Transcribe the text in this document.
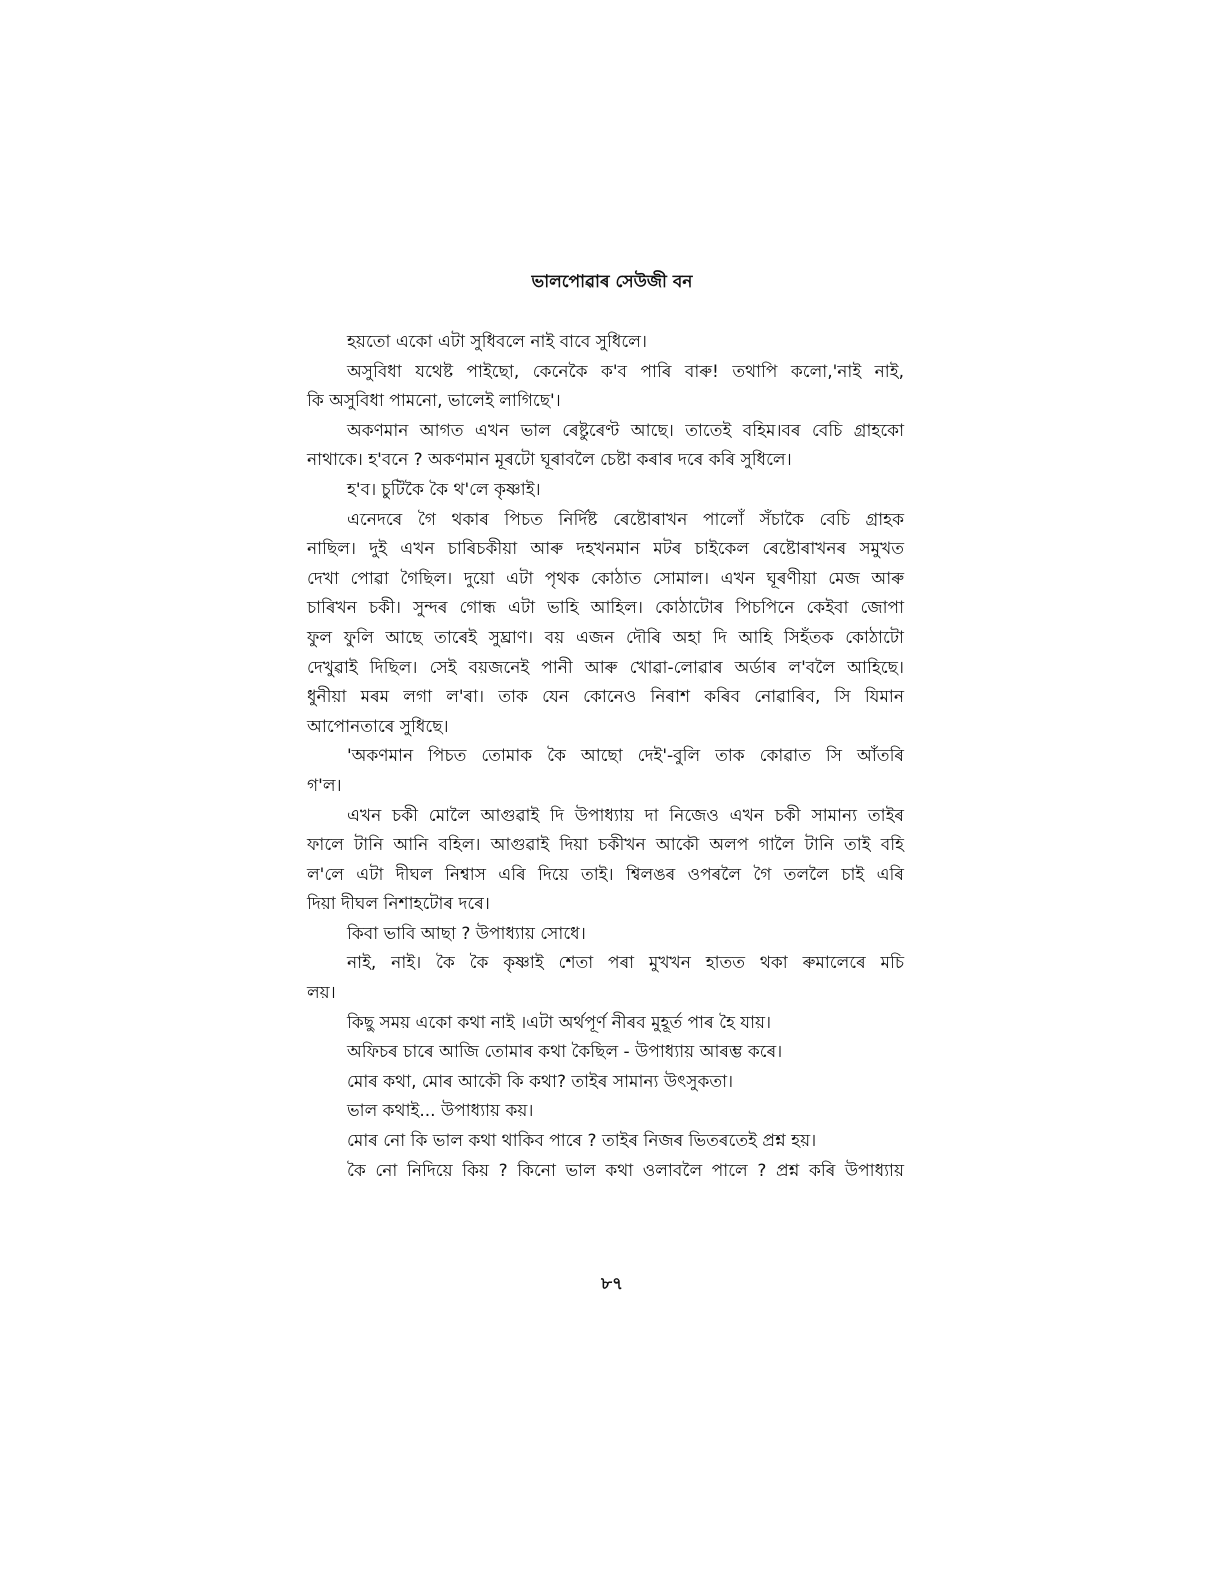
ভালপোৱাৰ সেউজী বন
হয়তো একো এটা সুধিবলে নাই বাবে সুধিলে।
অসুবিধা যথেষ্ট পাইছো, কেনেকৈ ক'ব পাৰি বাৰু! তথাপি কলো,'নাই নাই,
কি অসুবিধা পামনো, ভালেই লাগিছে'।
অকণমান আগত এখন ভাল ৰেষ্টুৰেণ্ট আছে। তাতেই বহিম।বৰ বেচি গ্ৰাহকো
নাথাকে। হ'বনে ? অকণমান মূৰটো ঘূৰাবলৈ চেষ্টা কৰাৰ দৰে কৰি সুধিলে।
হ'ব। চুটিকৈ কৈ থ'লে কৃষ্ণাই।
এনেদৰে গৈ থকাৰ পিচত নিৰ্দিষ্ট ৰেষ্টোৰাখন পালোঁ সঁচাকৈ বেচি গ্ৰাহক
নাছিল। দুই এখন চাৰিচকীয়া আৰু দহখনমান মটৰ চাইকেল ৰেষ্টোৰাখনৰ সমুখত
দেখা পোৱা গৈছিল। দুয়ো এটা পৃথক কোঠাত সোমাল। এখন ঘূৰণীয়া মেজ আৰু
চাৰিখন চকী। সুন্দৰ গোন্ধ এটা ভাহি আহিল। কোঠাটোৰ পিচপিনে কেইবা জোপা
ফুল ফুলি আছে তাৰেই সুঘ্ৰাণ। বয় এজন দৌৰি অহা দি আহি সিহঁতক কোঠাটো
দেখুৱাই দিছিল। সেই বয়জনেই পানী আৰু খোৱা-লোৱাৰ অৰ্ডাৰ ল'বলৈ আহিছে।
ধুনীয়া মৰম লগা ল'ৰা। তাক যেন কোনেও নিৰাশ কৰিব নোৱাৰিব, সি যিমান
আপোনতাৰে সুধিছে।
'অকণমান পিচত তোমাক কৈ আছো দেই'-বুলি তাক কোৱাত সি আঁতৰি
গ'ল।
এখন চকী মোলৈ আগুৱাই দি উপাধ্যায় দা নিজেও এখন চকী সামান্য তাইৰ
ফালে টানি আনি বহিল। আগুৱাই দিয়া চকীখন আকৌ অলপ গালৈ টানি তাই বহি
ল'লে এটা দীঘল নিশ্বাস এৰি দিয়ে তাই। শ্বিলঙৰ ওপৰলৈ গৈ তললৈ চাই এৰি
দিয়া দীঘল নিশাহটোৰ দৰে।
কিবা ভাবি আছা ? উপাধ্যায় সোধে।
নাই, নাই। কৈ কৈ কৃষ্ণাই শেতা পৰা মুখখন হাতত থকা ৰুমালেৰে মচি
লয়।
কিছু সময় একো কথা নাই ।এটা অৰ্থপূৰ্ণ নীৰব মুহূৰ্ত পাৰ হৈ যায়।
অফিচৰ চাৰে আজি তোমাৰ কথা কৈছিল - উপাধ্যায় আৰম্ভ কৰে।
মোৰ কথা, মোৰ আকৌ কি কথা? তাইৰ সামান্য উৎসুকতা।
ভাল কথাই... উপাধ্যায় কয়।
মোৰ নো কি ভাল কথা থাকিব পাৰে ? তাইৰ নিজৰ ভিতৰতেই প্ৰশ্ন হয়।
কৈ নো নিদিয়ে কিয় ? কিনো ভাল কথা ওলাবলৈ পালে ? প্ৰশ্ন কৰি উপাধ্যায়
৮৭
